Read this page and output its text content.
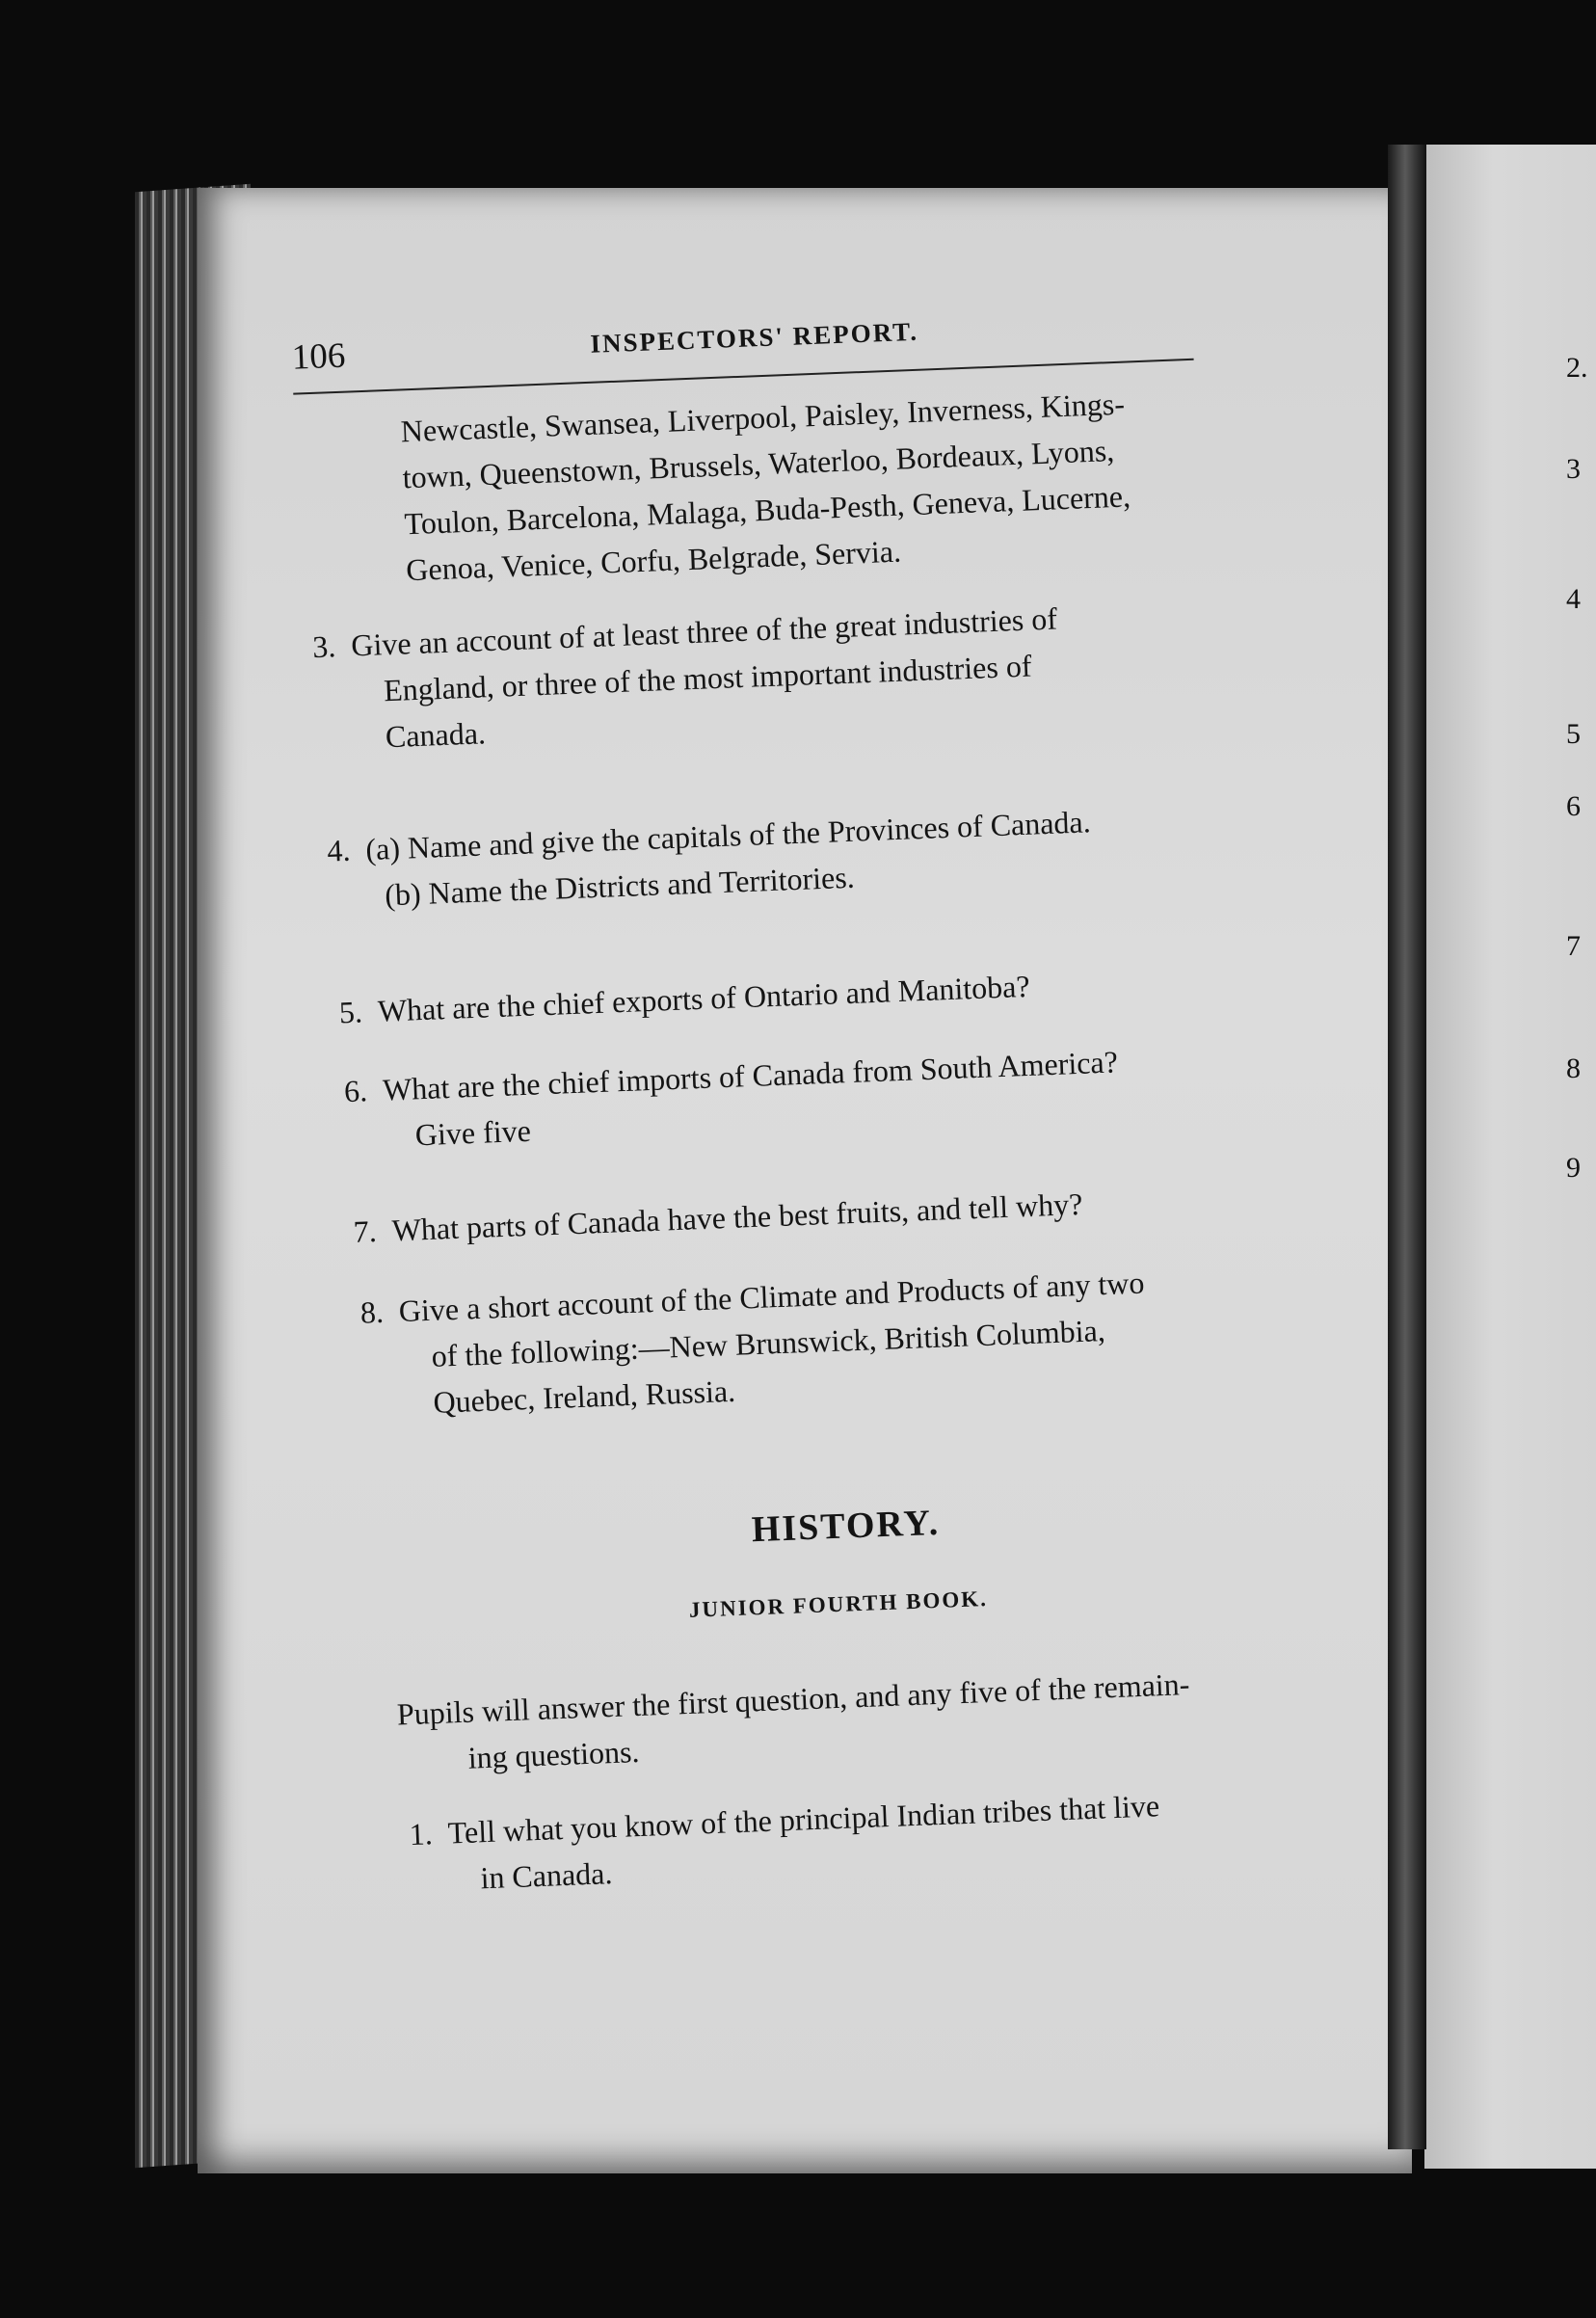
2.
3
4
5
6
7
8
9
106	INSPECTORS' REPORT.
Newcastle, Swansea, Liverpool, Paisley, Inverness, Kings-
town, Queenstown, Brussels, Waterloo, Bordeaux, Lyons,
Toulon, Barcelona, Malaga, Buda-Pesth, Geneva, Lucerne,
Genoa, Venice, Corfu, Belgrade, Servia.
3. Give an account of at least three of the great industries of
England, or three of the most important industries of
Canada.
4. (a) Name and give the capitals of the Provinces of Canada.
(b) Name the Districts and Territories.
5. What are the chief exports of Ontario and Manitoba?
6. What are the chief imports of Canada from South America?
Give five
7. What parts of Canada have the best fruits, and tell why?
8. Give a short account of the Climate and Products of any two
of the following:—New Brunswick, British Columbia,
Quebec, Ireland, Russia.
HISTORY.
JUNIOR FOURTH BOOK.
Pupils will answer the first question, and any five of the remain-
ing questions.
1. Tell what you know of the principal Indian tribes that live
in Canada.
